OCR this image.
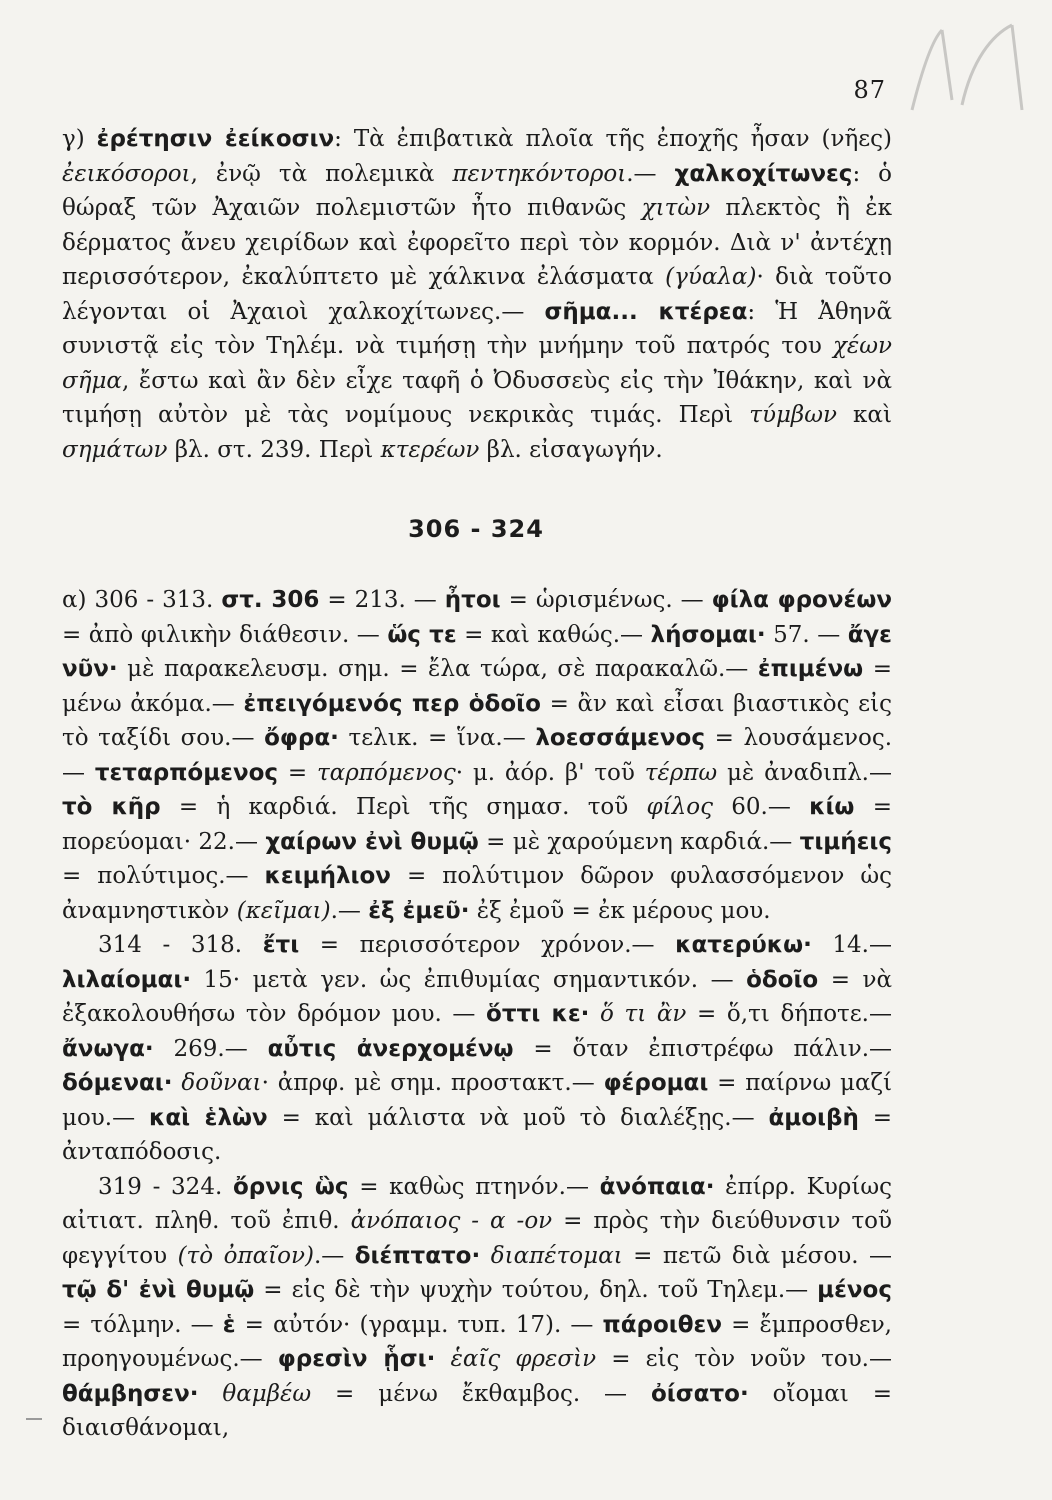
87

γ) ἐρέτησιν ἐείκοσιν: Τὰ ἐπιβατικὰ πλοῖα τῆς ἐποχῆς ἦσαν (νῆες) ἐεικόσοροι, ἐνῷ τὰ πολεμικὰ πεντηκόντοροι.— χαλκοχίτωνες: ὁ θώραξ τῶν Ἀχαιῶν πολεμιστῶν ἦτο πιθανῶς χιτὼν πλεκτὸς ἢ ἐκ δέρματος ἄνευ χειρίδων καὶ ἐφορεῖτο περὶ τὸν κορμόν. Διὰ ν' ἀντέχῃ περισσότερον, ἐκαλύπτετο μὲ χάλκινα ἐλάσματα (γύαλα)· διὰ τοῦτο λέγονται οἱ Ἀχαιοὶ χαλκοχίτωνες.— σῆμα... κτέρεα: Ἡ Ἀθηνᾶ συνιστᾷ εἰς τὸν Τηλέμ. νὰ τιμήσῃ τὴν μνήμην τοῦ πατρός του χέων σῆμα, ἔστω καὶ ἂν δὲν εἶχε ταφῆ ὁ Ὀδυσσεὺς εἰς τὴν Ἰθάκην, καὶ νὰ τιμήσῃ αὐτὸν μὲ τὰς νομίμους νεκρικὰς τιμάς. Περὶ τύμβων καὶ σημάτων βλ. στ. 239. Περὶ κτερέων βλ. εἰσαγωγήν.

306 - 324

α) 306 - 313. στ. 306 = 213. — ἦτοι = ὡρισμένως. — φίλα φρονέων = ἀπὸ φιλικὴν διάθεσιν. — ὥς τε = καὶ καθώς.— λήσομαι· 57. — ἄγε νῦν· μὲ παρακελευσμ. σημ. = ἔλα τώρα, σὲ παρακαλῶ.— ἐπιμένω = μένω ἀκόμα.— ἐπειγόμενός περ ὁδοῖο = ἂν καὶ εἶσαι βιαστικὸς εἰς τὸ ταξίδι σου.— ὄφρα· τελικ. = ἵνα.— λοεσσάμενος = λουσάμενος.— τεταρπόμενος = ταρπόμενος· μ. ἀόρ. β' τοῦ τέρπω μὲ ἀναδιπλ.— τὸ κῆρ = ἡ καρδιά. Περὶ τῆς σημασ. τοῦ φίλος 60.— κίω = πορεύομαι· 22.— χαίρων ἐνὶ θυμῷ = μὲ χαρούμενη καρδιά.— τιμήεις = πολύτιμος.— κειμήλιον = πολύτιμον δῶρον φυλασσόμενον ὡς ἀναμνηστικὸν (κεῖμαι).— ἐξ ἐμεῦ· ἐξ ἐμοῦ = ἐκ μέρους μου.

314 - 318. ἔτι = περισσότερον χρόνον.— κατερύκω· 14.— λιλαίομαι· 15· μετὰ γεν. ὡς ἐπιθυμίας σημαντικόν. — ὁδοῖο = νὰ ἐξακολουθήσω τὸν δρόμον μου. — ὅττι κε· ὅ τι ἂν = ὅ,τι δήποτε.— ἄνωγα· 269.— αὖτις ἀνερχομένῳ = ὅταν ἐπιστρέφω πάλιν.— δόμεναι· δοῦναι· ἀπρφ. μὲ σημ. προστακτ.— φέρομαι = παίρνω μαζί μου.— καὶ ἑλὼν = καὶ μάλιστα νὰ μοῦ τὸ διαλέξῃς.— ἀμοιβὴ = ἀνταπόδοσις.

319 - 324. ὄρνις ὣς = καθὼς πτηνόν.— ἀνόπαια· ἐπίρρ. Κυρίως αἰτιατ. πληθ. τοῦ ἐπιθ. ἀνόπαιος - α -ον = πρὸς τὴν διεύθυνσιν τοῦ φεγγίτου (τὸ ὀπαῖον).— διέπτατο· διαπέτομαι = πετῶ διὰ μέσου. — τῷ δ' ἐνὶ θυμῷ = εἰς δὲ τὴν ψυχὴν τούτου, δηλ. τοῦ Τηλεμ.— μένος = τόλμην. — ἑ = αὐτόν· (γραμμ. τυπ. 17). — πάροιθεν = ἔμπροσθεν, προηγουμένως.— φρεσὶν ᾗσι· ἑαῖς φρεσὶν = εἰς τὸν νοῦν του.— θάμβησεν· θαμβέω = μένω ἔκθαμβος. — ὀίσατο· οἴομαι = διαισθάνομαι,
